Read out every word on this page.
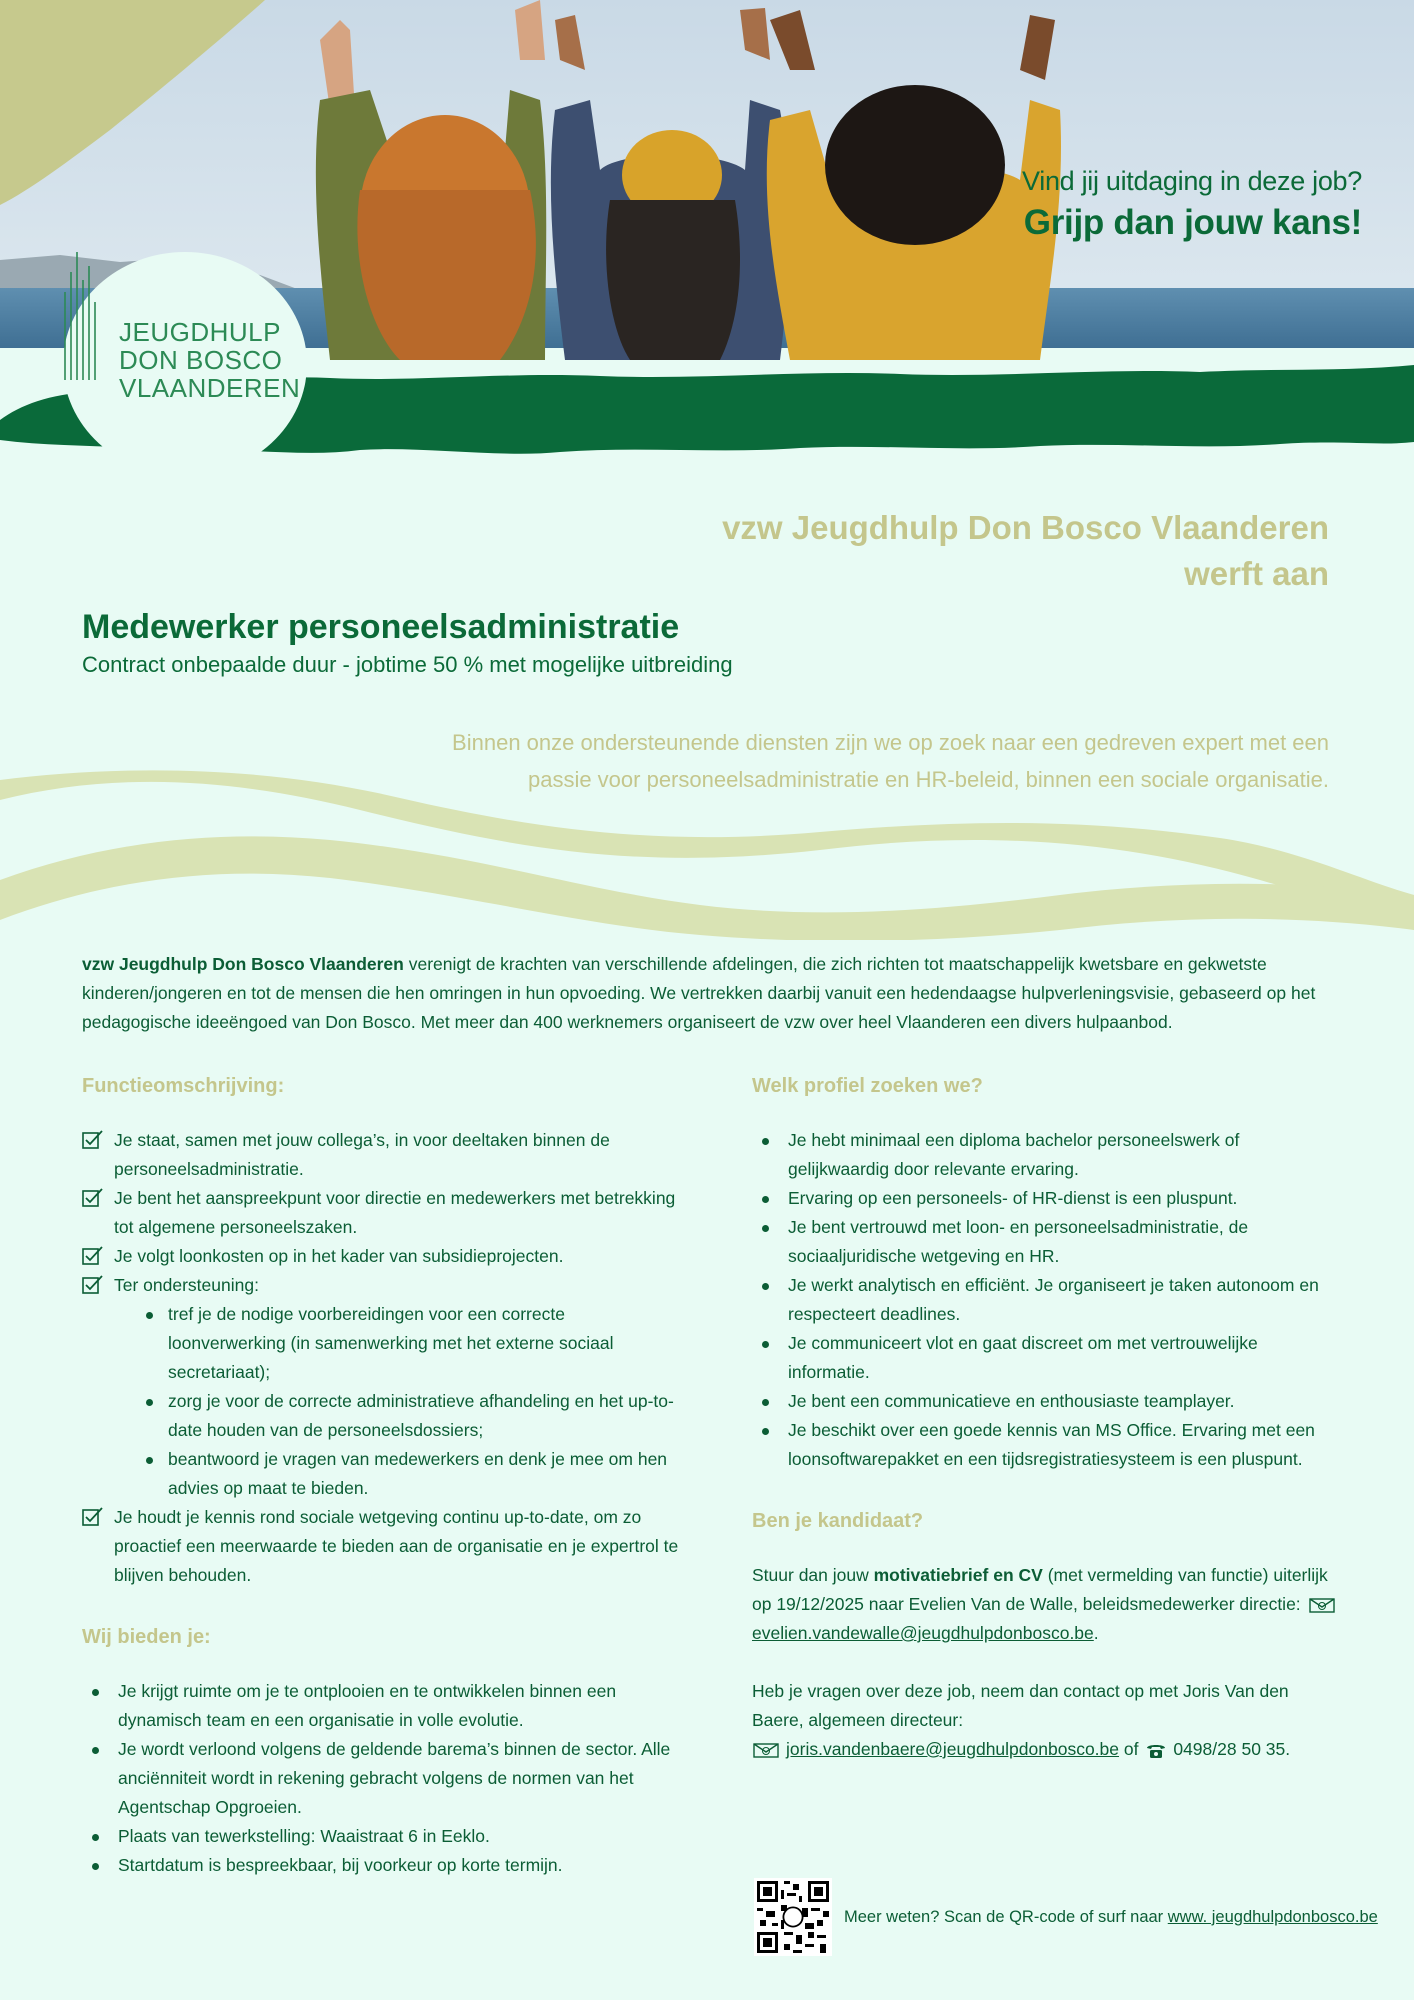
Vind jij uitdaging in deze job?
Grijp dan jouw kans!
JEUGDHULP
DON BOSCO
VLAANDEREN
vzw Jeugdhulp Don Bosco Vlaanderen
werft aan
Medewerker personeelsadministratie
Contract onbepaalde duur - jobtime 50 % met mogelijke uitbreiding
Binnen onze ondersteunende diensten zijn we op zoek naar een gedreven expert met een
passie voor personeelsadministratie en HR-beleid, binnen een sociale organisatie.
vzw Jeugdhulp Don Bosco Vlaanderen verenigt de krachten van verschillende afdelingen, die zich richten tot maatschappelijk kwetsbare en gekwetste kinderen/jongeren en tot de mensen die hen omringen in hun opvoeding. We vertrekken daarbij vanuit een hedendaagse hulpverleningsvisie, gebaseerd op het pedagogische ideeëngoed van Don Bosco. Met meer dan 400 werknemers organiseert de vzw over heel Vlaanderen een divers hulpaanbod.
Functieomschrijving:
Je staat, samen met jouw collega’s, in voor deeltaken binnen de personeelsadministratie.
Je bent het aanspreekpunt voor directie en medewerkers met betrekking tot algemene personeelszaken.
Je volgt loonkosten op in het kader van subsidieprojecten.
Ter ondersteuning:
tref je de nodige voorbereidingen voor een correcte loonverwerking (in samenwerking met het externe sociaal secretariaat);
zorg je voor de correcte administratieve afhandeling en het up-to-date houden van de personeelsdossiers;
beantwoord je vragen van medewerkers en denk je mee om hen advies op maat te bieden.
Je houdt je kennis rond sociale wetgeving continu up-to-date, om zo proactief een meerwaarde te bieden aan de organisatie en je expertrol te blijven behouden.
Wij bieden je:
Je krijgt ruimte om je te ontplooien en te ontwikkelen binnen een dynamisch team en een organisatie in volle evolutie.
Je wordt verloond volgens de geldende barema’s binnen de sector. Alle anciënniteit wordt in rekening gebracht volgens de normen van het Agentschap Opgroeien.
Plaats van tewerkstelling: Waaistraat 6 in Eeklo.
Startdatum is bespreekbaar, bij voorkeur op korte termijn.
Welk profiel zoeken we?
Je hebt minimaal een diploma bachelor personeelswerk of gelijkwaardig door relevante ervaring.
Ervaring op een personeels- of HR-dienst is een pluspunt.
Je bent vertrouwd met loon- en personeelsadministratie, de sociaaljuridische wetgeving en HR.
Je werkt analytisch en efficiënt. Je organiseert je taken autonoom en respecteert deadlines.
Je communiceert vlot en gaat discreet om met vertrouwelijke informatie.
Je bent een communicatieve en enthousiaste teamplayer.
Je beschikt over een goede kennis van MS Office. Ervaring met een loonsoftwarepakket en een tijdsregistratiesysteem is een pluspunt.
Ben je kandidaat?

Stuur dan jouw motivatiebrief en CV (met vermelding van functie) uiterlijk op 19/12/2025 naar Evelien Van de Walle, beleidsmedewerker directie: evelien.vandewalle@jeugdhulpdonbosco.be.

Heb je vragen over deze job, neem dan contact op met Joris Van den Baere, algemeen directeur:
joris.vandenbaere@jeugdhulpdonbosco.be of 0498/28 50 35.

Meer weten? Scan de QR-code of surf naar www. jeugdhulpdonbosco.be
